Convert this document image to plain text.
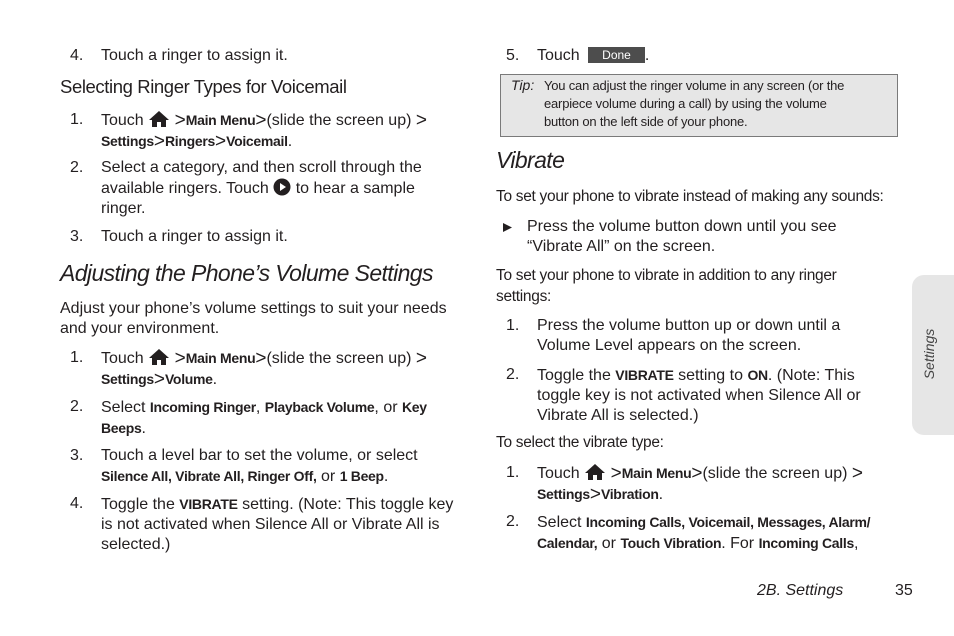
4. Touch a ringer to assign it.
Selecting Ringer Types for Voicemail
1. Touch >Main Menu>(slide the screen up) >
Settings>Ringers>Voicemail.
2. Select a category, and then scroll through the
available ringers. Touch to hear a sample
ringer.
3. Touch a ringer to assign it.
Adjusting the Phone’s Volume Settings
Adjust your phone’s volume settings to suit your needs
and your environment.
1. Touch >Main Menu>(slide the screen up) >
Settings>Volume.
2. Select Incoming Ringer, Playback Volume, or Key
Beeps.
3. Touch a level bar to set the volume, or select
Silence All, Vibrate All, Ringer Off, or 1 Beep.
4. Toggle the VIBRATE setting. (Note: This toggle key
is not activated when Silence All or Vibrate All is
selected.)
5. Touch Done .
Tip: You can adjust the ringer volume in any screen (or the
earpiece volume during a call) by using the volume
button on the left side of your phone.
Vibrate
To set your phone to vibrate instead of making any sounds:
Press the volume button down until you see
“Vibrate All” on the screen.
To set your phone to vibrate in addition to any ringer
settings:
1. Press the volume button up or down until a
Volume Level appears on the screen.
2. Toggle the VIBRATE setting to ON. (Note: This
toggle key is not activated when Silence All or
Vibrate All is selected.)
To select the vibrate type:
1. Touch >Main Menu>(slide the screen up) >
Settings>Vibration.
2. Select Incoming Calls, Voicemail, Messages, Alarm/
Calendar, or Touch Vibration. For Incoming Calls,
Settings
2B. Settings	35
